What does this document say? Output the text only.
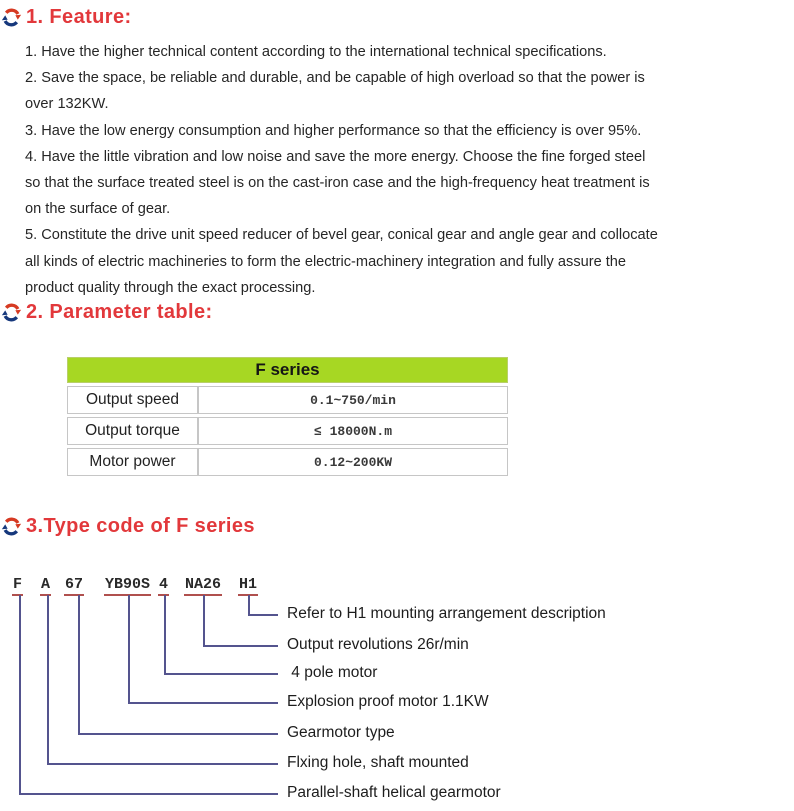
1. Feature:
1. Have the higher technical content according to the international technical specifications.
2. Save the space, be reliable and durable, and be capable of high overload so that the power is
over 132KW.
3. Have the low energy consumption and higher performance so that the efficiency is over 95%.
4. Have the little vibration and low noise and save the more energy. Choose the fine forged steel
so that the surface treated steel is on the cast-iron case and the high-frequency heat treatment is
on the surface of gear.
5. Constitute the drive unit speed reducer of bevel gear, conical gear and angle gear and collocate
all kinds of electric machineries to form the electric-machinery integration and fully assure the
product quality through the exact processing.
2. Parameter table:
F series	
Output speed	0.1~750/min
Output torque	≤ 18000N.m
Motor power	0.12~200KW
3.Type code of F series
F A 67 YB90S 4 NA26 H1
Refer to H1 mounting arrangement description
Output revolutions 26r/min
4 pole motor
Explosion proof motor 1.1KW
Gearmotor type
Flxing hole, shaft mounted
Parallel-shaft helical gearmotor
